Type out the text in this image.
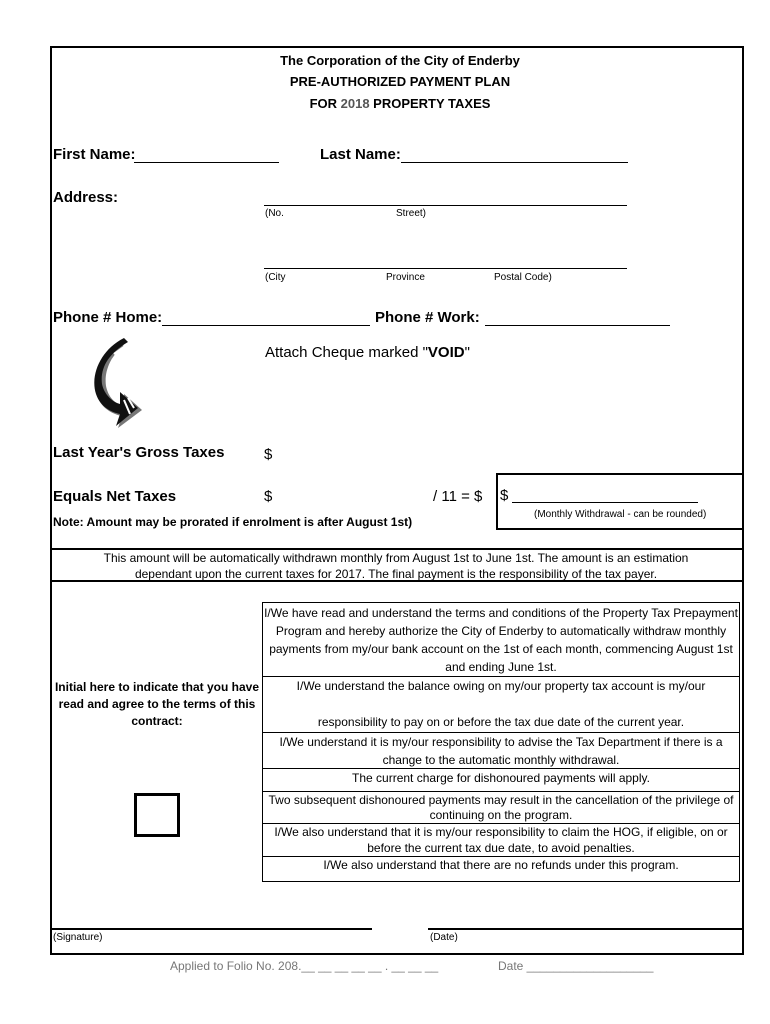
The Corporation of the City of Enderby
PRE-AUTHORIZED PAYMENT PLAN
FOR 2018 PROPERTY TAXES
First Name:	Last Name:
Address:
(No.	Street)
(City	Province	Postal Code)
Phone # Home:	Phone # Work:
Attach Cheque marked "VOID"
Last Year's Gross Taxes	$
Equals Net Taxes	$	/ 11 = $ $
(Monthly Withdrawal - can be rounded)
Note: Amount may be prorated if enrolment is after August 1st)
This amount will be automatically withdrawn monthly from August 1st to June 1st. The amount is an estimation
dependant upon the current taxes for 2017. The final payment is the responsibility of the tax payer.
Initial here to indicate that you have read and agree to the terms of this contract:
I/We have read and understand the terms and conditions of the Property Tax Prepayment Program and hereby authorize the City of Enderby to automatically withdraw monthly payments from my/our bank account on the 1st of each month, commencing August 1st and ending June 1st.
I/We understand the balance owing on my/our property tax account is my/our
responsibility to pay on or before the tax due date of the current year.
I/We understand it is my/our responsibility to advise the Tax Department if there is a change to the automatic monthly withdrawal.
The current charge for dishonoured payments will apply.
Two subsequent dishonoured payments may result in the cancellation of the privilege of continuing on the program.
I/We also understand that it is my/our responsibility to claim the HOG, if eligible, on or before the current tax due date, to avoid penalties.
I/We also understand that there are no refunds under this program.
(Signature)	(Date)
Applied to Folio No. 208.__ __ __ __ __ . __ __ __	Date ___________________
